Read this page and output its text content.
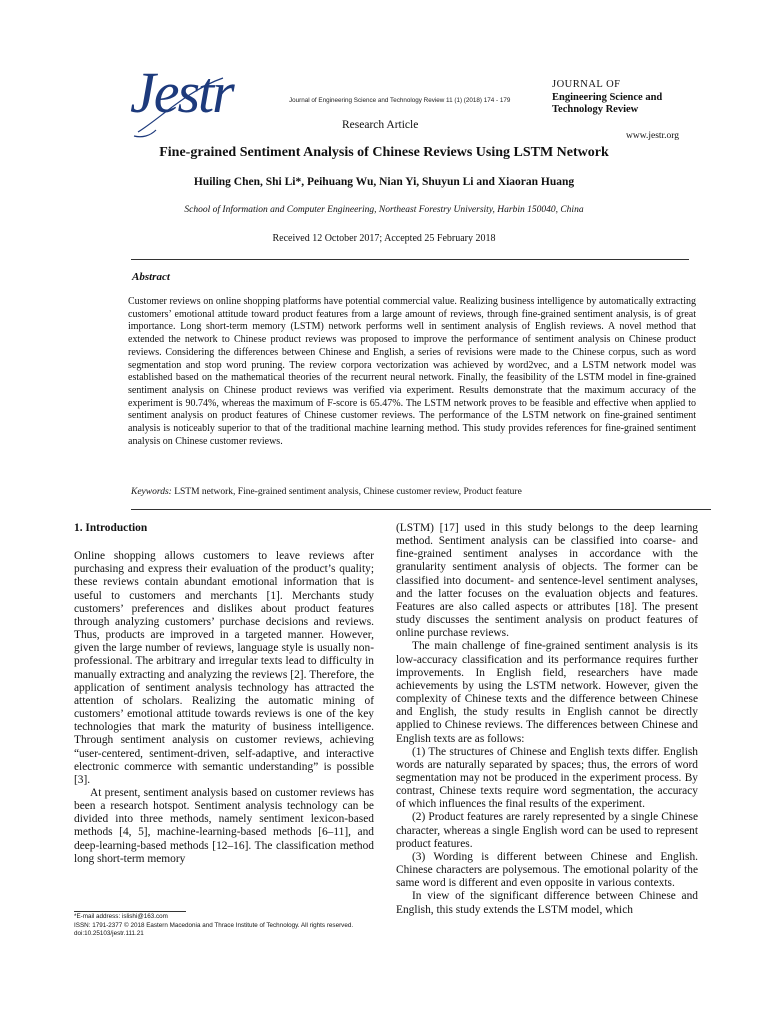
Jestr	Journal of Engineering Science and Technology Review 11 (1) (2018) 174 - 179
Research Article
JOURNAL OF
Engineering Science and
Technology Review
www.jestr.org
Fine-grained Sentiment Analysis of Chinese Reviews Using LSTM Network
Huiling Chen, Shi Li*, Peihuang Wu, Nian Yi, Shuyun Li and Xiaoran Huang
School of Information and Computer Engineering, Northeast Forestry University, Harbin 150040, China
Received 12 October 2017; Accepted 25 February 2018
Abstract

Customer reviews on online shopping platforms have potential commercial value. Realizing business intelligence by automatically extracting customers’ emotional attitude toward product features from a large amount of reviews, through fine-grained sentiment analysis, is of great importance. Long short-term memory (LSTM) network performs well in sentiment analysis of English reviews. A novel method that extended the network to Chinese product reviews was proposed to improve the performance of sentiment analysis on Chinese product reviews. Considering the differences between Chinese and English, a series of revisions were made to the Chinese corpus, such as word segmentation and stop word pruning. The review corpora vectorization was achieved by word2vec, and a LSTM network model was established based on the mathematical theories of the recurrent neural network. Finally, the feasibility of the LSTM model in fine-grained sentiment analysis on Chinese product reviews was verified via experiment. Results demonstrate that the maximum accuracy of the experiment is 90.74%, whereas the maximum of F-score is 65.47%. The LSTM network proves to be feasible and effective when applied to sentiment analysis on product features of Chinese customer reviews. The performance of the LSTM network on fine-grained sentiment analysis is noticeably superior to that of the traditional machine learning method. This study provides references for fine-grained sentiment analysis on Chinese customer reviews.

Keywords: LSTM network, Fine-grained sentiment analysis, Chinese customer review, Product feature

1. Introduction

Online shopping allows customers to leave reviews after purchasing and express their evaluation of the product’s quality; these reviews contain abundant emotional information that is useful to customers and merchants [1]. Merchants study customers’ preferences and dislikes about product features through analyzing customers’ purchase decisions and reviews. Thus, products are improved in a targeted manner. However, given the large number of reviews, language style is usually non-professional. The arbitrary and irregular texts lead to difficulty in manually extracting and analyzing the reviews [2]. Therefore, the application of sentiment analysis technology has attracted the attention of scholars. Realizing the automatic mining of customers’ emotional attitude towards reviews is one of the key technologies that mark the maturity of business intelligence. Through sentiment analysis on customer reviews, achieving “user-centered, sentiment-driven, self-adaptive, and interactive electronic commerce with semantic understanding” is possible [3].

At present, sentiment analysis based on customer reviews has been a research hotspot. Sentiment analysis technology can be divided into three methods, namely sentiment lexicon-based methods [4, 5], machine-learning-based methods [6–11], and deep-learning-based methods [12–16]. The classification method long short-term memory

(LSTM) [17] used in this study belongs to the deep learning method. Sentiment analysis can be classified into coarse- and fine-grained sentiment analyses in accordance with the granularity sentiment analysis of objects. The former can be classified into document- and sentence-level sentiment analyses, and the latter focuses on the evaluation objects and features. Features are also called aspects or attributes [18]. The present study discusses the sentiment analysis on product features of online purchase reviews.

The main challenge of fine-grained sentiment analysis is its low-accuracy classification and its performance requires further improvements. In English field, researchers have made achievements by using the LSTM network. However, given the complexity of Chinese texts and the difference between Chinese and English, the study results in English cannot be directly applied to Chinese reviews. The differences between Chinese and English texts are as follows:

(1) The structures of Chinese and English texts differ. English words are naturally separated by spaces; thus, the errors of word segmentation may not be produced in the experiment process. By contrast, Chinese texts require word segmentation, the accuracy of which influences the final results of the experiment.

(2) Product features are rarely represented by a single Chinese character, whereas a single English word can be used to represent product features.

(3) Wording is different between Chinese and English. Chinese characters are polysemous. The emotional polarity of the same word is different and even opposite in various contexts.

In view of the significant difference between Chinese and English, this study extends the LSTM model, which

*E-mail address: islishi@163.com
ISSN: 1791-2377 © 2018 Eastern Macedonia and Thrace Institute of Technology. All rights reserved.
doi:10.25103/jestr.111.21
